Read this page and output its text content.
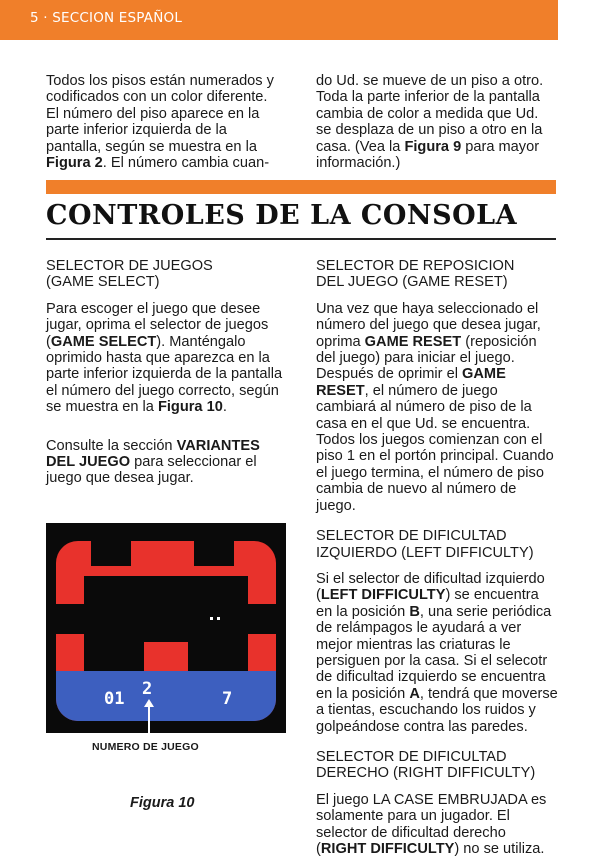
5 · SECCION ESPAÑOL

Todos los pisos están numerados y codificados con un color diferente. El número del piso aparece en la parte inferior izquierda de la pantalla, según se muestra en la Figura 2. El número cambia cuan-

do Ud. se mueve de un piso a otro. Toda la parte inferior de la pantalla cambia de color a medida que Ud. se desplaza de un piso a otro en la casa. (Vea la Figura 9 para mayor información.)

CONTROLES DE LA CONSOLA

SELECTOR DE JUEGOS
(GAME SELECT)

Para escoger el juego que desee jugar, oprima el selector de juegos (GAME SELECT). Manténgalo oprimido hasta que aparezca en la parte inferior izquierda de la pantalla el número del juego correcto, según se muestra en la Figura 10.

Consulte la sección VARIANTES DEL JUEGO para seleccionar el juego que desea jugar.

SELECTOR DE REPOSICION
DEL JUEGO (GAME RESET)

Una vez que haya seleccionado el número del juego que desea jugar, oprima GAME RESET (reposición del juego) para iniciar el juego. Después de oprimir el GAME RESET, el número de juego cambiará al número de piso de la casa en el que Ud. se encuentra. Todos los juegos comienzan con el piso 1 en el portón principal. Cuando el juego termina, el número de piso cambia de nuevo al número de juego.

SELECTOR DE DIFICULTAD
IZQUIERDO (LEFT DIFFICULTY)

Si el selector de dificultad izquierdo (LEFT DIFFICULTY) se encuentra en la posición B, una serie periódica de relámpagos le ayudará a ver mejor mientras las criaturas le persiguen por la casa. Si el selecotr de dificultad izquierdo se encuentra en la posición A, tendrá que moverse a tientas, escuchando los ruidos y golpeándose contra las paredes.

SELECTOR DE DIFICULTAD
DERECHO (RIGHT DIFFICULTY)

El juego LA CASE EMBRUJADA es solamente para un jugador. El selector de dificultad derecho (RIGHT DIFFICULTY) no se utiliza.

01 2	7
NUMERO DE JUEGO
Figura 10
